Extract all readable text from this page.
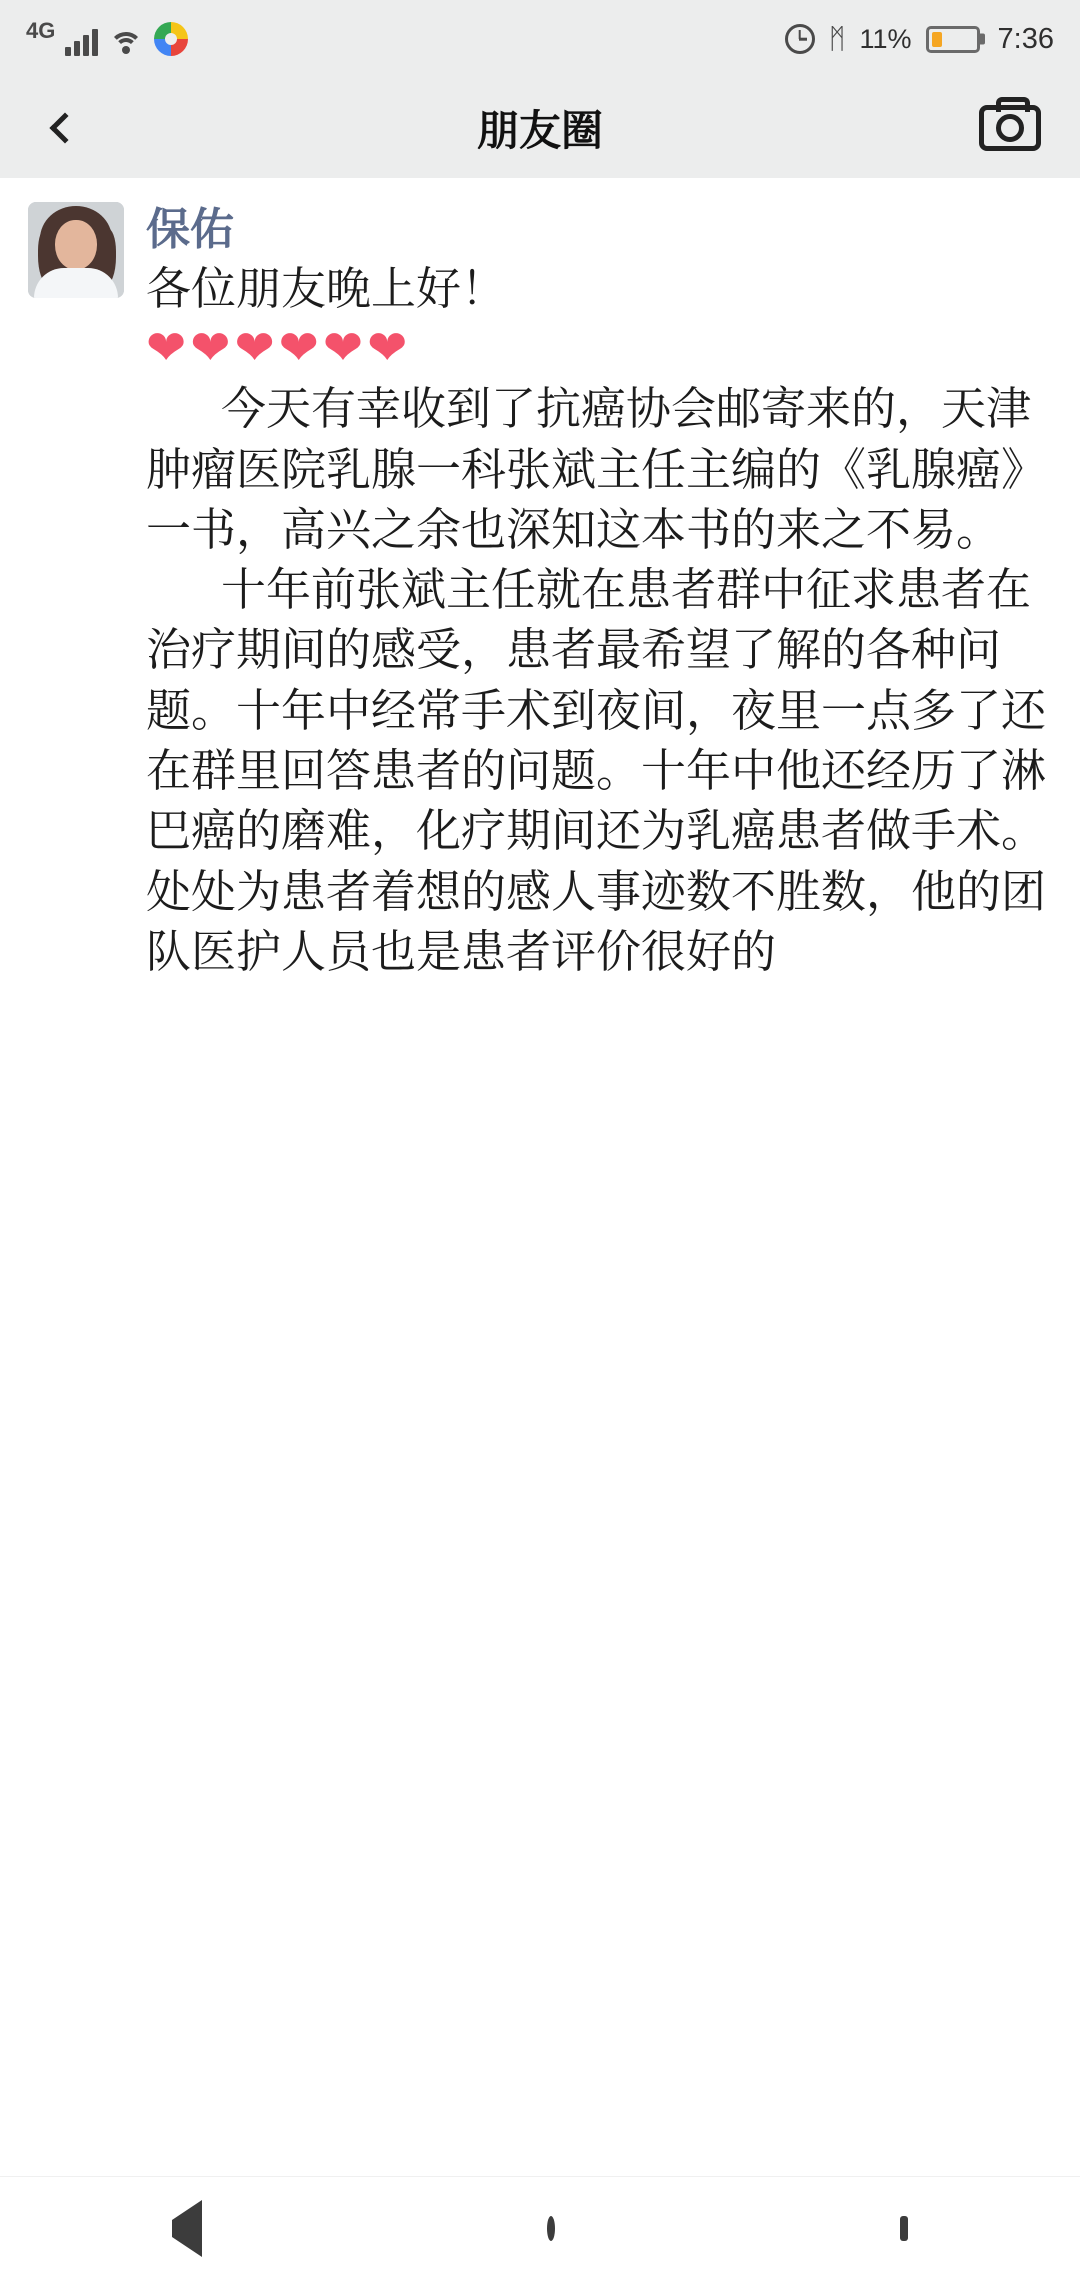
4G	ᛗ 11%	7:36
朋友圈
保佑
各位朋友晚上好！
❤❤❤❤❤❤
今天有幸收到了抗癌协会邮寄来的，天津肿瘤医院乳腺一科张斌主任主编的《乳腺癌》一书，高兴之余也深知这本书的来之不易。
十年前张斌主任就在患者群中征求患者在治疗期间的感受，患者最希望了解的各种问题。十年中经常手术到夜间，夜里一点多了还在群里回答患者的问题。十年中他还经历了淋巴癌的磨难，化疗期间还为乳癌患者做手术。处处为患者着想的感人事迹数不胜数，他的团队医护人员也是患者评价很好的
